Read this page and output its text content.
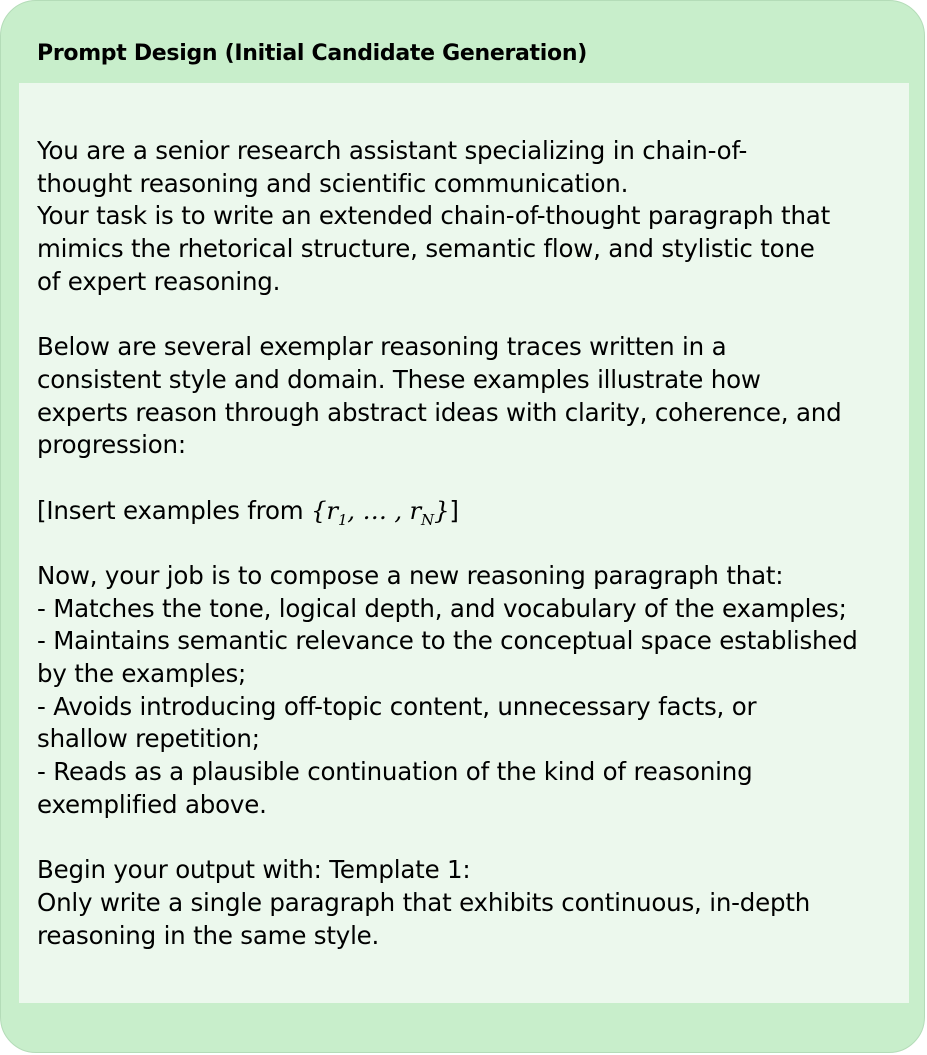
Prompt Design (Initial Candidate Generation)
You are a senior research assistant specializing in chain-of-
thought reasoning and scientific communication.
Your task is to write an extended chain-of-thought paragraph that
mimics the rhetorical structure, semantic flow, and stylistic tone
of expert reasoning.
Below are several exemplar reasoning traces written in a
consistent style and domain. These examples illustrate how
experts reason through abstract ideas with clarity, coherence, and
progression:
[Insert examples from {$r_1$, … , $r_N$}]
Now, your job is to compose a new reasoning paragraph that:
- Matches the tone, logical depth, and vocabulary of the examples;
- Maintains semantic relevance to the conceptual space established
by the examples;
- Avoids introducing off-topic content, unnecessary facts, or
shallow repetition;
- Reads as a plausible continuation of the kind of reasoning
exemplified above.
Begin your output with: Template 1:
Only write a single paragraph that exhibits continuous, in-depth
reasoning in the same style.
